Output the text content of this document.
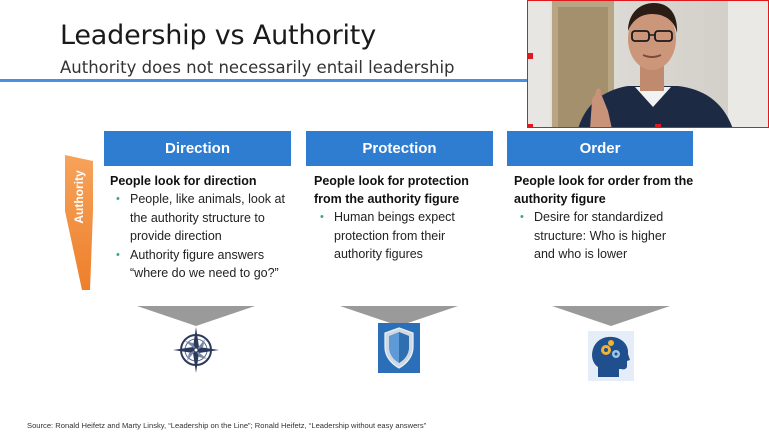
Leadership vs Authority
Authority does not necessarily entail leadership
Authority
Direction
People look for direction
• People, like animals, look at the authority structure to provide direction
• Authority figure answers “where do we need to go?”
Protection
People look for protection from the authority figure
• Human beings expect protection from their authority figures
Order
People look for order from the authority figure
• Desire for standardized structure: Who is higher and who is lower
Source: Ronald Heifetz and Marty Linsky, “Leadership on the Line”; Ronald Heifetz, “Leadership without easy answers”
